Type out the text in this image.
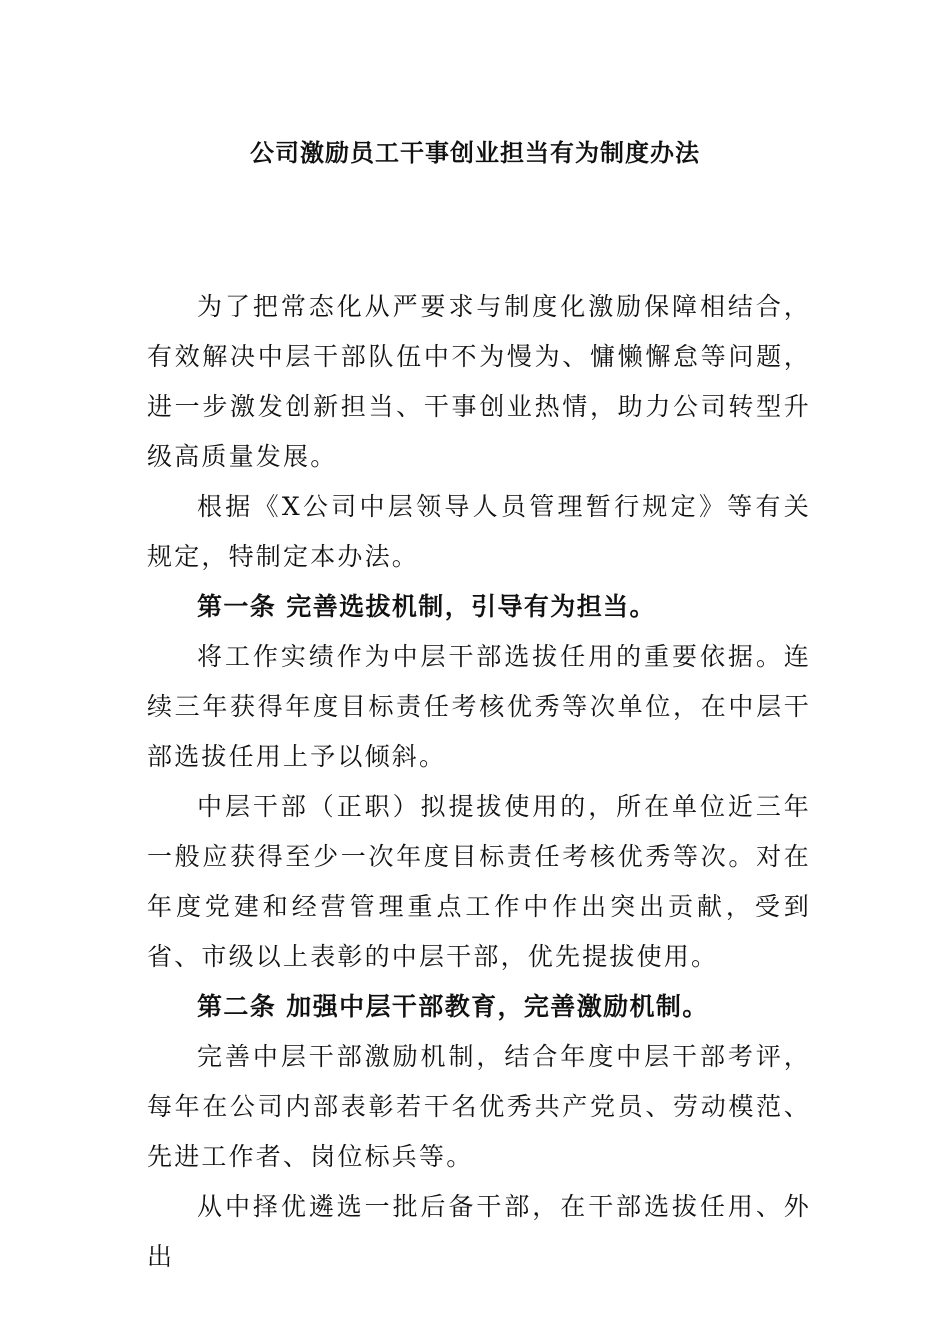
公司激励员工干事创业担当有为制度办法

为了把常态化从严要求与制度化激励保障相结合，有效解决中层干部队伍中不为慢为、慵懒懈怠等问题，进一步激发创新担当、干事创业热情，助力公司转型升级高质量发展。

根据《X公司中层领导人员管理暂行规定》等有关规定，特制定本办法。

第一条 完善选拔机制，引导有为担当。

将工作实绩作为中层干部选拔任用的重要依据。连续三年获得年度目标责任考核优秀等次单位，在中层干部选拔任用上予以倾斜。

中层干部（正职）拟提拔使用的，所在单位近三年一般应获得至少一次年度目标责任考核优秀等次。对在年度党建和经营管理重点工作中作出突出贡献，受到省、市级以上表彰的中层干部，优先提拔使用。

第二条 加强中层干部教育，完善激励机制。

完善中层干部激励机制，结合年度中层干部考评，每年在公司内部表彰若干名优秀共产党员、劳动模范、先进工作者、岗位标兵等。

从中择优遴选一批后备干部，在干部选拔任用、外出
